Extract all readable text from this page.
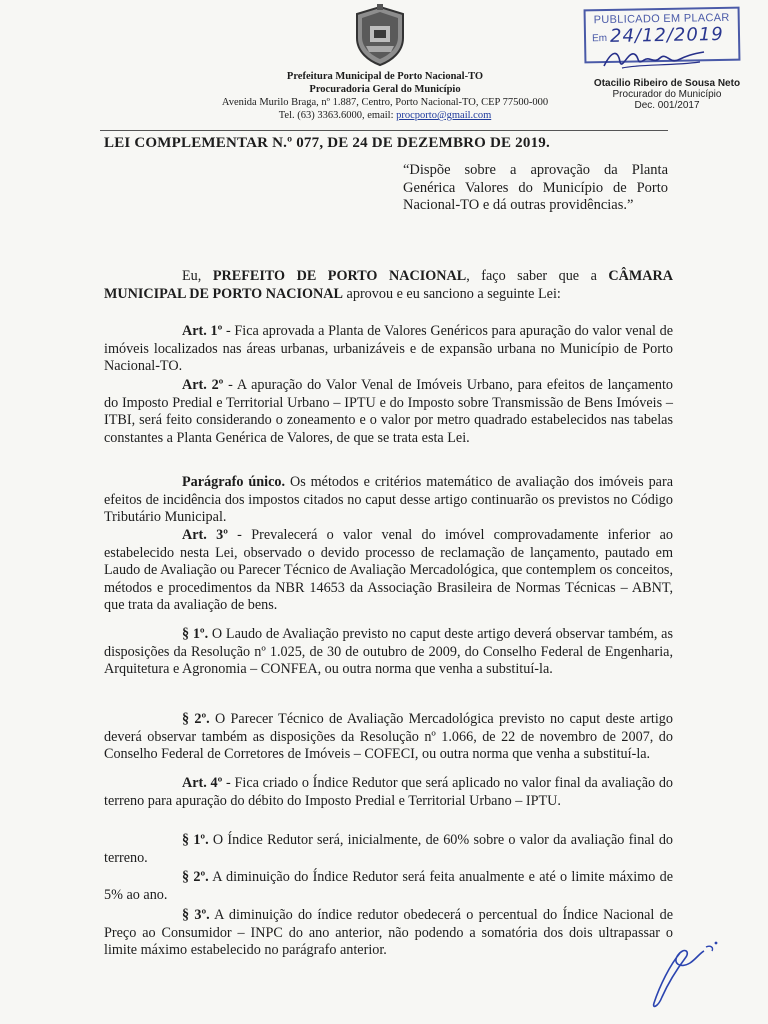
Prefeitura Municipal de Porto Nacional-TO
Procuradoria Geral do Município
Avenida Murilo Braga, nº 1.887, Centro, Porto Nacional-TO, CEP 77500-000
Tel. (63) 3363.6000, email: procporto@gmail.com
PUBLICADO EM PLACAR
Em 24/12/2019
Otacilio Ribeiro de Sousa Neto
Procurador do Município
Dec. 001/2017
LEI COMPLEMENTAR N.º 077, DE 24 DE DEZEMBRO DE 2019.
“Dispõe sobre a aprovação da Planta Genérica Valores do Município de Porto Nacional-TO e dá outras providências.”
Eu, PREFEITO DE PORTO NACIONAL, faço saber que a CÂMARA MUNICIPAL DE PORTO NACIONAL aprovou e eu sanciono a seguinte Lei:
Art. 1º - Fica aprovada a Planta de Valores Genéricos para apuração do valor venal de imóveis localizados nas áreas urbanas, urbanizáveis e de expansão urbana no Município de Porto Nacional-TO.
Art. 2º - A apuração do Valor Venal de Imóveis Urbano, para efeitos de lançamento do Imposto Predial e Territorial Urbano – IPTU e do Imposto sobre Transmissão de Bens Imóveis – ITBI, será feito considerando o zoneamento e o valor por metro quadrado estabelecidos nas tabelas constantes a Planta Genérica de Valores, de que se trata esta Lei.
Parágrafo único. Os métodos e critérios matemático de avaliação dos imóveis para efeitos de incidência dos impostos citados no caput desse artigo continuarão os previstos no Código Tributário Municipal.
Art. 3º - Prevalecerá o valor venal do imóvel comprovadamente inferior ao estabelecido nesta Lei, observado o devido processo de reclamação de lançamento, pautado em Laudo de Avaliação ou Parecer Técnico de Avaliação Mercadológica, que contemplem os conceitos, métodos e procedimentos da NBR 14653 da Associação Brasileira de Normas Técnicas – ABNT, que trata da avaliação de bens.
§ 1º. O Laudo de Avaliação previsto no caput deste artigo deverá observar também, as disposições da Resolução nº 1.025, de 30 de outubro de 2009, do Conselho Federal de Engenharia, Arquitetura e Agronomia – CONFEA, ou outra norma que venha a substituí-la.
§ 2º. O Parecer Técnico de Avaliação Mercadológica previsto no caput deste artigo deverá observar também as disposições da Resolução nº 1.066, de 22 de novembro de 2007, do Conselho Federal de Corretores de Imóveis – COFECI, ou outra norma que venha a substituí-la.
Art. 4º - Fica criado o Índice Redutor que será aplicado no valor final da avaliação do terreno para apuração do débito do Imposto Predial e Territorial Urbano – IPTU.
§ 1º. O Índice Redutor será, inicialmente, de 60% sobre o valor da avaliação final do terreno.
§ 2º. A diminuição do Índice Redutor será feita anualmente e até o limite máximo de 5% ao ano.
§ 3º. A diminuição do índice redutor obedecerá o percentual do Índice Nacional de Preço ao Consumidor – INPC do ano anterior, não podendo a somatória dos dois ultrapassar o limite máximo estabelecido no parágrafo anterior.
